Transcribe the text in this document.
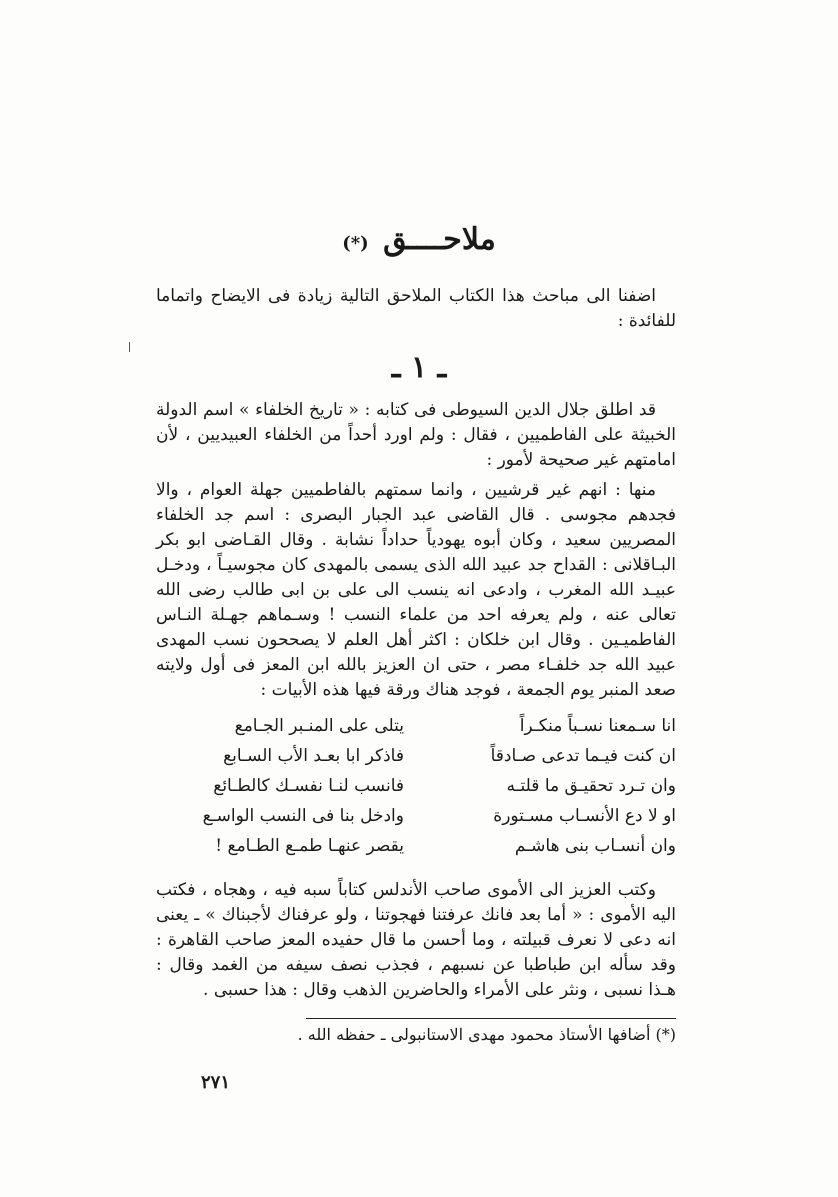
ملاحــــق (*)

اضفنا الى مباحث هذا الكتاب الملاحق التالية زيادة فى الايضاح واتماما للفائدة :

ـ ١ ـ

قد اطلق جلال الدين السيوطى فى كتابه : « تاريخ الخلفاء » اسم الدولة الخبيثة على الفاطميين ، فقال : ولم اورد أحداً من الخلفاء العبيديين ، لأن امامتهم غير صحيحة لأمور :

منها : انهم غير قرشيين ، وانما سمتهم بالفاطميين جهلة العوام ، والا فجدهم مجوسى . قال القاضى عبد الجبار البصرى : اسم جد الخلفاء المصريين سعيد ، وكان أبوه يهودياً حداداً نشابة . وقال القـاضى ابو بكر البـاقلانى : القداح جد عبيد الله الذى يسمى بالمهدى كان مجوسيـاً ، ودخـل عبيـد الله المغرب ، وادعى انه ينسب الى على بن ابى طالب رضى الله تعالى عنه ، ولم يعرفه احد من علماء النسب ! وسـماهم جهـلة النـاس الفاطميـين . وقال ابن خلكان : اكثر أهل العلم لا يصححون نسب المهدى عبيد الله جد خلفـاء مصر ، حتى ان العزيز بالله ابن المعز فى أول ولايته صعد المنبر يوم الجمعة ، فوجد هناك ورقة فيها هذه الأبيات :

انا سـمعنا نسـباً منكـراً
يتلى على المنـبر الجـامع
ان كنت فيـما تدعى صـادقاً
فاذكر ابا بعـد الأب السـابع
وان تـرد تحقيـق ما قلتـه
فانسب لنـا نفسـك كالطـائع
او لا دع الأنسـاب مسـتورة
وادخل بنا فى النسب الواسـع
وان أنسـاب بنى هاشـم
يقصر عنهـا طمـع الطـامع !

وكتب العزيز الى الأموى صاحب الأندلس كتاباً سبه فيه ، وهجاه ، فكتب اليه الأموى : « أما بعد فانك عرفتنا فهجوتنا ، ولو عرفناك لأجبناك » ـ يعنى انه دعى لا نعرف قبيلته ، وما أحسن ما قال حفيده المعز صاحب القاهرة : وقد سأله ابن طباطبا عن نسبهم ، فجذب نصف سيفه من الغمد وقال : هـذا نسبى ، ونثر على الأمراء والحاضرين الذهب وقال : هذا حسبى .

(*) أضافها الأستاذ محمود مهدى الاستانبولى ـ حفظه الله .
٢٧١
